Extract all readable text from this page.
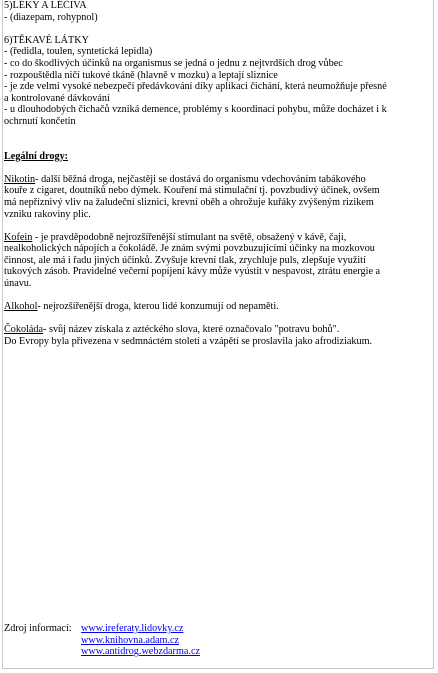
5)LÉKY A LÉČIVA
- (diazepam, rohypnol)
6)TĚKAVÉ LÁTKY
- (ředidla, toulen, syntetická lepidla)
- co do škodlivých účinků na organismus se jedná o jednu z nejtvrdších drog vůbec
- rozpouštědla ničí tukové tkáně (hlavně v mozku) a leptají sliznice
- je zde velmi vysoké nebezpečí předávkování díky aplikaci čichání, která neumožňuje přesné
a kontrolované dávkování
- u dlouhodobých čichačů vzniká demence, problémy s koordinací pohybu, může docházet i k
ochrnutí končetin
Legální drogy:
Nikotin- další běžná droga, nejčastěji se dostává do organismu vdechováním tabákového
kouře z cigaret, doutníků nebo dýmek. Kouření má stimulační tj. povzbudivý účinek, ovšem
má nepříznivý vliv na žaludeční sliznici, krevní oběh a ohrožuje kuřáky zvýšeným rizikem
vzniku rakoviny plic.
Kofein - je pravděpodobně nejrozšířenější stimulant na světě, obsažený v kávě, čaji,
nealkoholických nápojích a čokoládě. Je znám svými povzbuzujícími účinky na mozkovou
činnost, ale má i řadu jiných účinků. Zvyšuje krevní tlak, zrychluje puls, zlepšuje využití
tukových zásob. Pravidelné večerní popíjení kávy může vyústit v nespavost, ztrátu energie a
únavu.
Alkohol- nejrozšířenější droga, kterou lidé konzumují od nepaměti.
Čokoláda- svůj název získala z aztéckého slova, které označovalo "potravu bohů".
Do Evropy byla přivezena v sedmnáctém století a vzápětí se proslavila jako afrodiziakum.
Zdroj informací: www.ireferaty.lidovky.cz
www.knihovna.adam.cz
www.antidrog.webzdarma.cz
